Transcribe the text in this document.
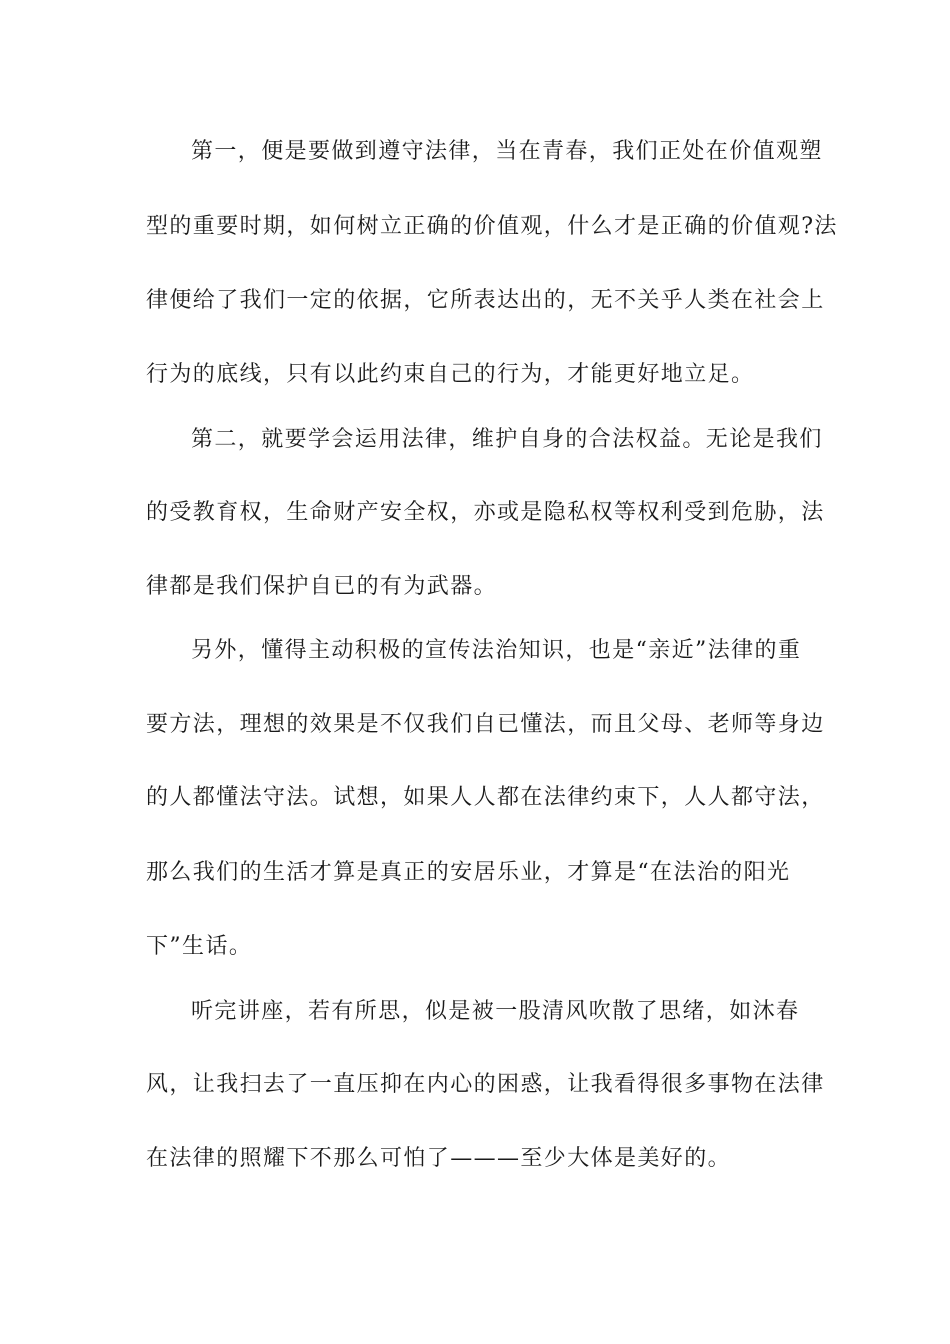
第一，便是要做到遵守法律，当在青春，我们正处在价值观塑
型的重要时期，如何树立正确的价值观，什么才是正确的价值观?法
律便给了我们一定的依据，它所表达出的，无不关乎人类在社会上
行为的底线，只有以此约束自己的行为，才能更好地立足。
第二，就要学会运用法律，维护自身的合法权益。无论是我们
的受教育权，生命财产安全权，亦或是隐私权等权利受到危胁，法
律都是我们保护自已的有为武器。
另外，懂得主动积极的宣传法治知识，也是“亲近”法律的重
要方法，理想的效果是不仅我们自已懂法，而且父母、老师等身边
的人都懂法守法。试想，如果人人都在法律约束下，人人都守法，
那么我们的生活才算是真正的安居乐业，才算是“在法治的阳光
下”生话。
听完讲座，若有所思，似是被一股清风吹散了思绪，如沐春
风，让我扫去了一直压抑在内心的困惑，让我看得很多事物在法律
在法律的照耀下不那么可怕了———至少大体是美好的。
